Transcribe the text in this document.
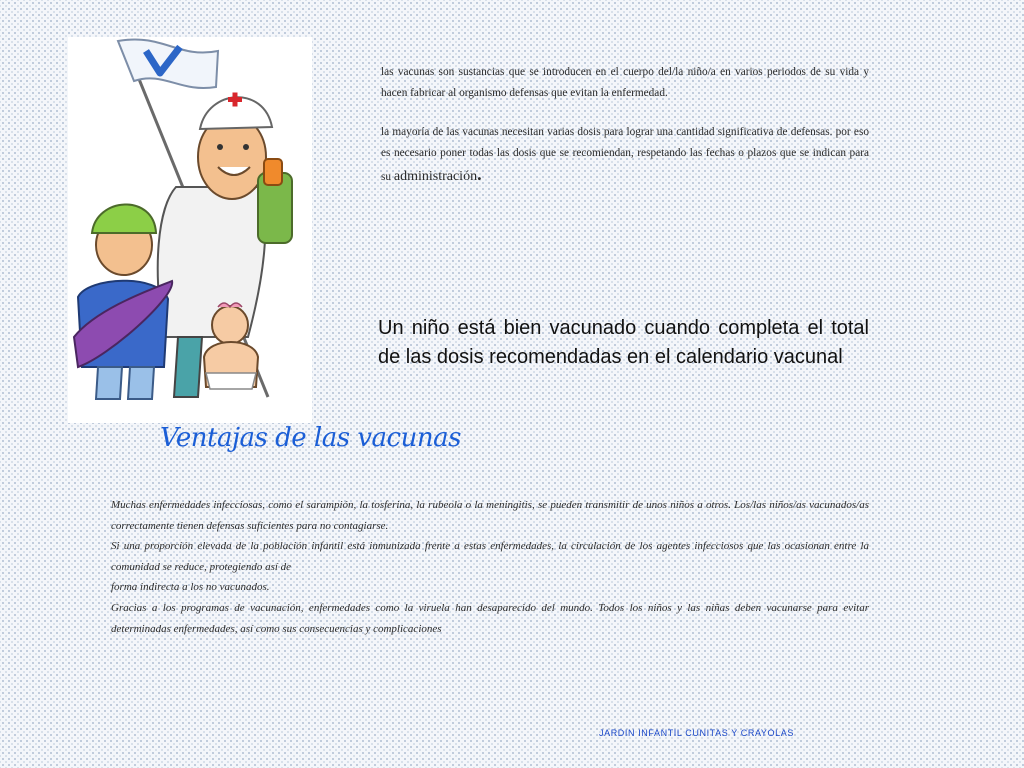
las vacunas son sustancias que se introducen en el cuerpo del/la niño/a en varios periodos de su vida y hacen fabricar al organismo defensas que evitan la enfermedad.

la mayoría de las vacunas necesitan varias dosis para lograr una cantidad significativa de defensas. por eso es necesario poner todas las dosis que se recomiendan, respetando las fechas o plazos que se indican para su administración.

Un niño está bien vacunado cuando completa el total de las dosis recomendadas en el calendario vacunal

Ventajas de las vacunas

Muchas enfermedades infecciosas, como el sarampión, la tosferina, la rubeola o la meningitis, se pueden transmitir de unos niños a otros. Los/las niños/as vacunados/as correctamente tienen defensas suficientes para no contagiarse.

Si una proporción elevada de la población infantil está inmunizada frente a estas enfermedades, la circulación de los agentes infecciosos que las ocasionan entre la comunidad se reduce, protegiendo así de

forma indirecta a los no vacunados.

Gracias a los programas de vacunación, enfermedades como la viruela han desaparecido del mundo. Todos los niños y las niñas deben vacunarse para evitar determinadas enfermedades, así como sus consecuencias y complicaciones

JARDIN INFANTIL CUNITAS Y CRAYOLAS
